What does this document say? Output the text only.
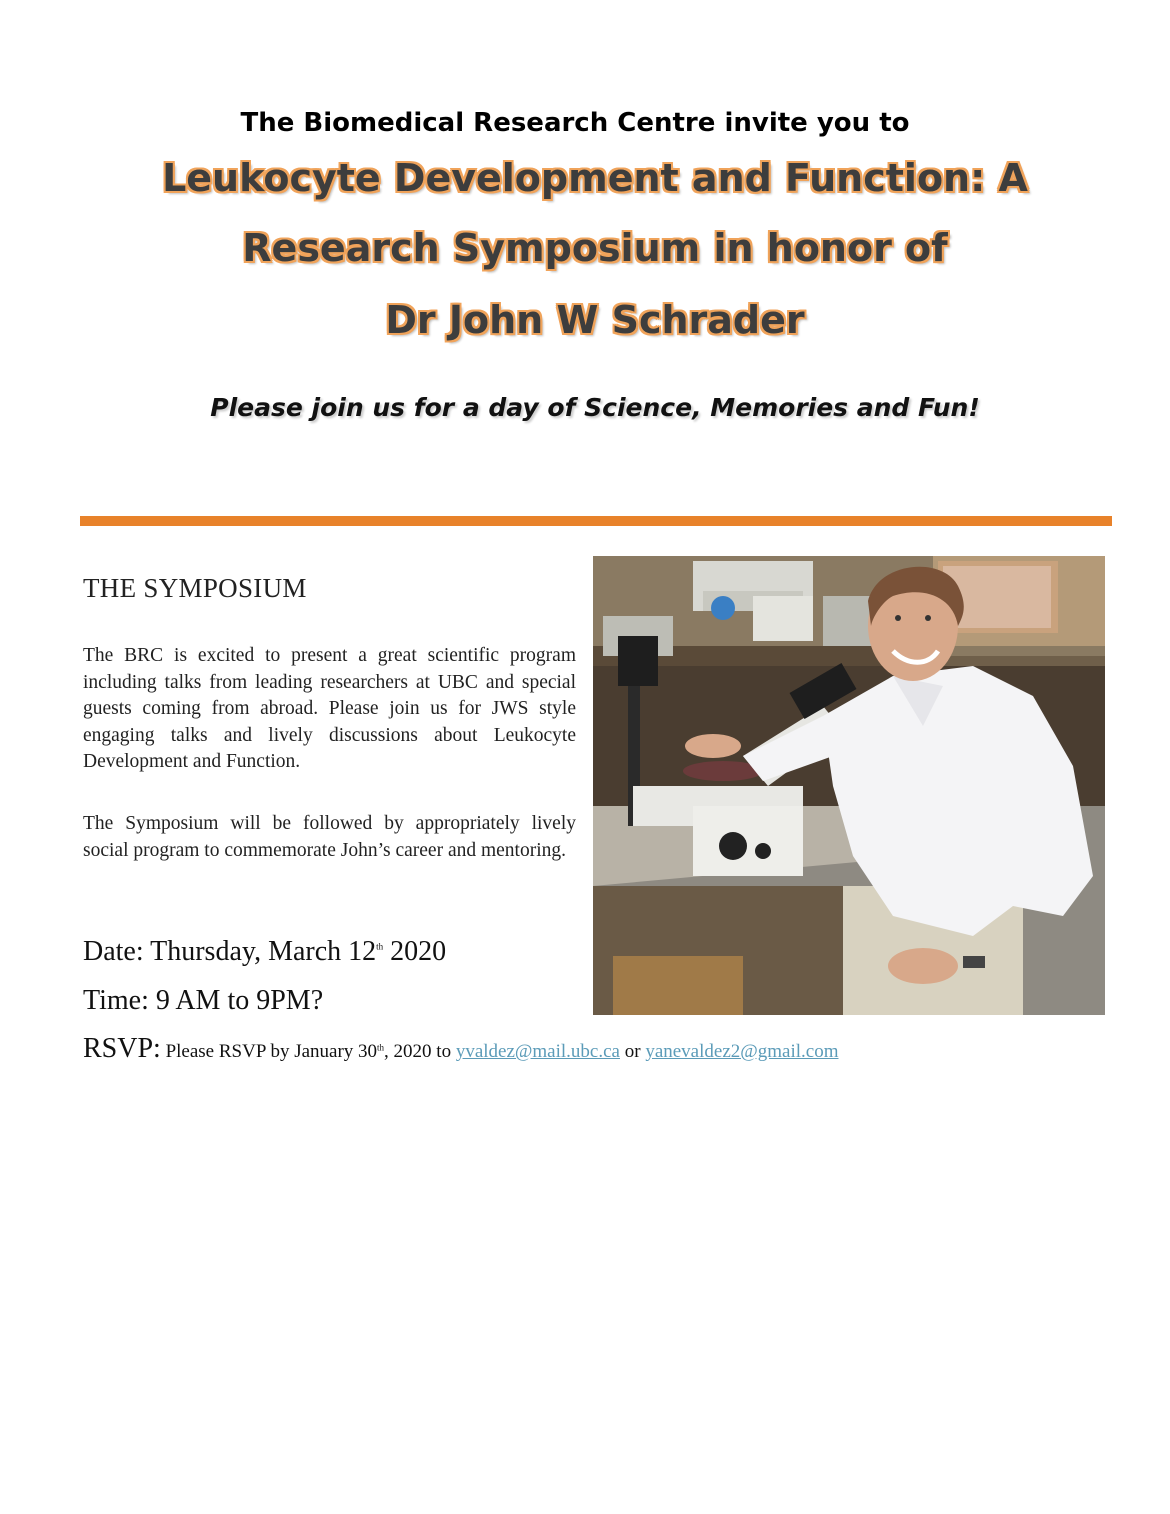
The Biomedical Research Centre invite you to
Leukocyte Development and Function: A
Research Symposium in honor of
Dr John W Schrader
Please join us for a day of Science, Memories and Fun!
THE SYMPOSIUM

The BRC is excited to present a great scientific program including talks from leading researchers at UBC and special guests coming from abroad. Please join us for JWS style engaging talks and lively discussions about Leukocyte Development and Function.

The Symposium will be followed by appropriately lively social program to commemorate John’s career and mentoring.

Date: Thursday, March 12th 2020
Time: 9 AM to 9PM?
RSVP: Please RSVP by January 30th, 2020 to yvaldez@mail.ubc.ca or yanevaldez2@gmail.com
